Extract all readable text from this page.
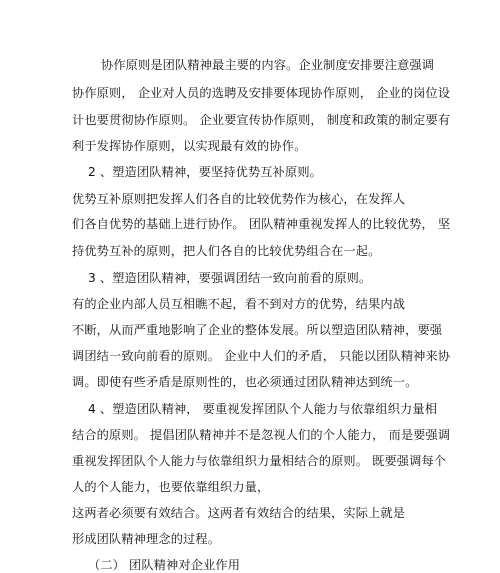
协作原则是团队精神最主要的内容。企业制度安排要注意强调
协作原则， 企业对人员的选聘及安排要体现协作原则， 企业的岗位设
计也要贯彻协作原则。 企业要宣传协作原则， 制度和政策的制定要有
利于发挥协作原则，以实现最有效的协作。
2 、塑造团队精神，要坚持优势互补原则。
优势互补原则把发挥人们各自的比较优势作为核心，在发挥人
们各自优势的基础上进行协作。 团队精神重视发挥人的比较优势， 坚
持优势互补的原则，把人们各自的比较优势组合在一起。
3 、塑造团队精神，要强调团结一致向前看的原则。
有的企业内部人员互相瞧不起，看不到对方的优势，结果内战
不断，从而严重地影响了企业的整体发展。所以塑造团队精神，要强
调团结一致向前看的原则。 企业中人们的矛盾， 只能以团队精神来协
调。即使有些矛盾是原则性的，也必须通过团队精神达到统一。
4 、塑造团队精神， 要重视发挥团队个人能力与依靠组织力量相
结合的原则。 提倡团队精神并不是忽视人们的个人能力， 而是要强调
重视发挥团队个人能力与依靠组织力量相结合的原则。 既要强调每个
人的个人能力，也要依靠组织力量，
这两者必须要有效结合。这两者有效结合的结果，实际上就是
形成团队精神理念的过程。
（二） 团队精神对企业作用
